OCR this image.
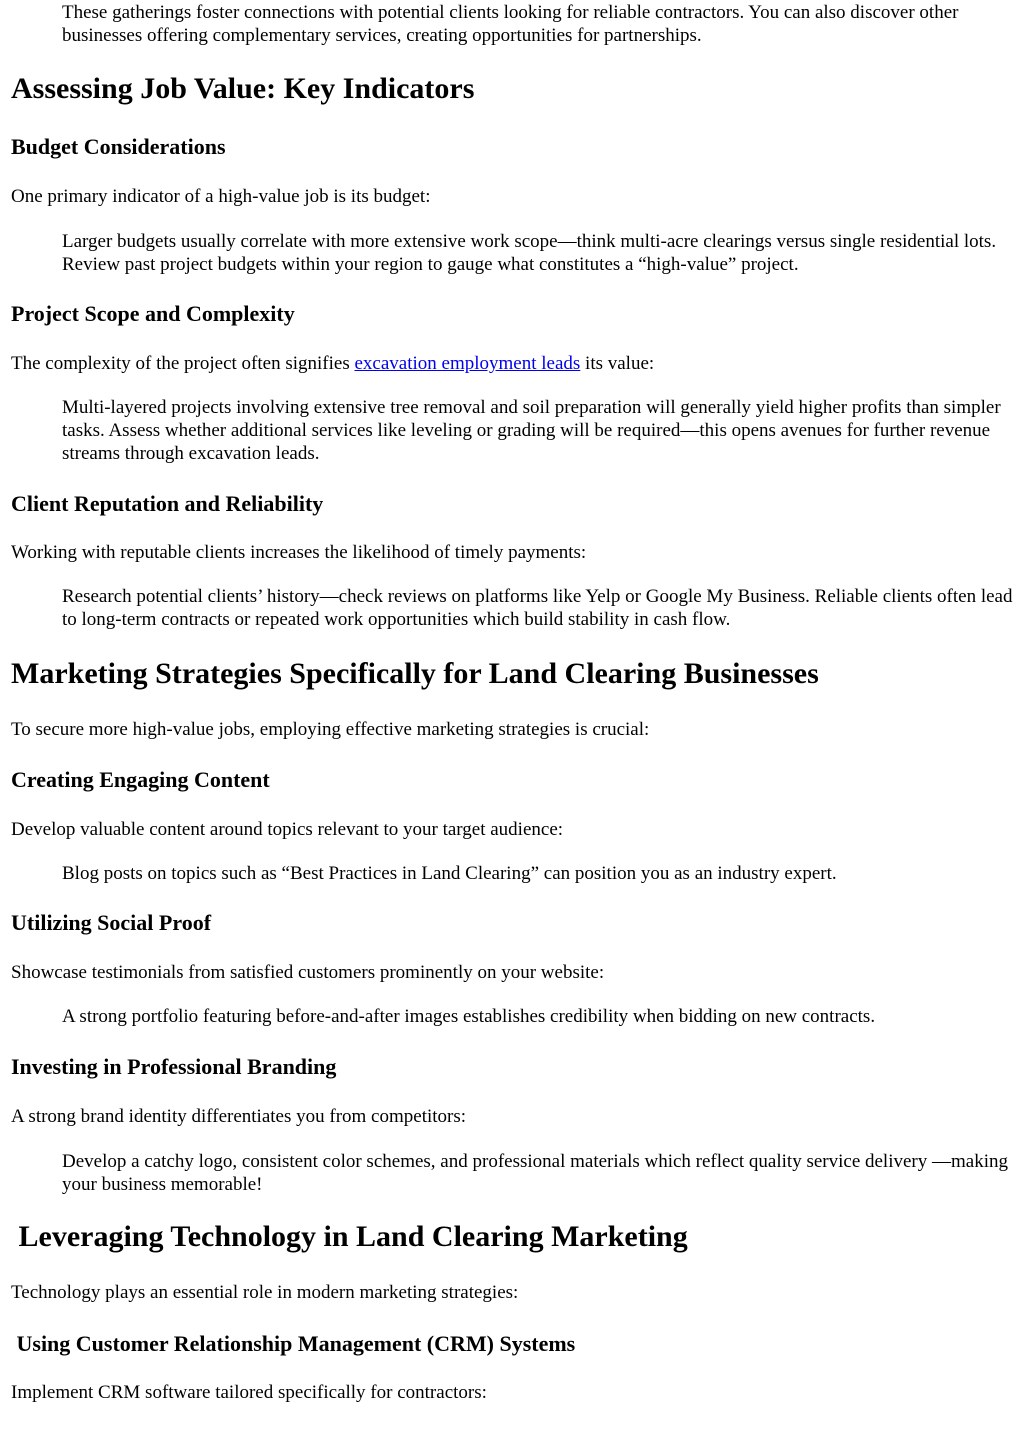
These gatherings foster connections with potential clients looking for reliable contractors. You can also discover other businesses offering complementary services, creating opportunities for partnerships.

Assessing Job Value: Key Indicators
Budget Considerations

One primary indicator of a high-value job is its budget:

Larger budgets usually correlate with more extensive work scope—think multi-acre clearings versus single residential lots. Review past project budgets within your region to gauge what constitutes a “high-value” project.

Project Scope and Complexity

The complexity of the project often signifies excavation employment leads its value:

Multi-layered projects involving extensive tree removal and soil preparation will generally yield higher profits than simpler tasks. Assess whether additional services like leveling or grading will be required—this opens avenues for further revenue streams through excavation leads.

Client Reputation and Reliability

Working with reputable clients increases the likelihood of timely payments:

Research potential clients’ history—check reviews on platforms like Yelp or Google My Business. Reliable clients often lead to long-term contracts or repeated work opportunities which build stability in cash flow.

Marketing Strategies Specifically for Land Clearing Businesses

To secure more high-value jobs, employing effective marketing strategies is crucial:

Creating Engaging Content

Develop valuable content around topics relevant to your target audience:

Blog posts on topics such as “Best Practices in Land Clearing” can position you as an industry expert.

Utilizing Social Proof

Showcase testimonials from satisfied customers prominently on your website:

A strong portfolio featuring before-and-after images establishes credibility when bidding on new contracts.

Investing in Professional Branding

A strong brand identity differentiates you from competitors:

Develop a catchy logo, consistent color schemes, and professional materials which reflect quality service delivery —making your business memorable!

Leveraging Technology in Land Clearing Marketing

Technology plays an essential role in modern marketing strategies:

Using Customer Relationship Management (CRM) Systems

Implement CRM software tailored specifically for contractors:
